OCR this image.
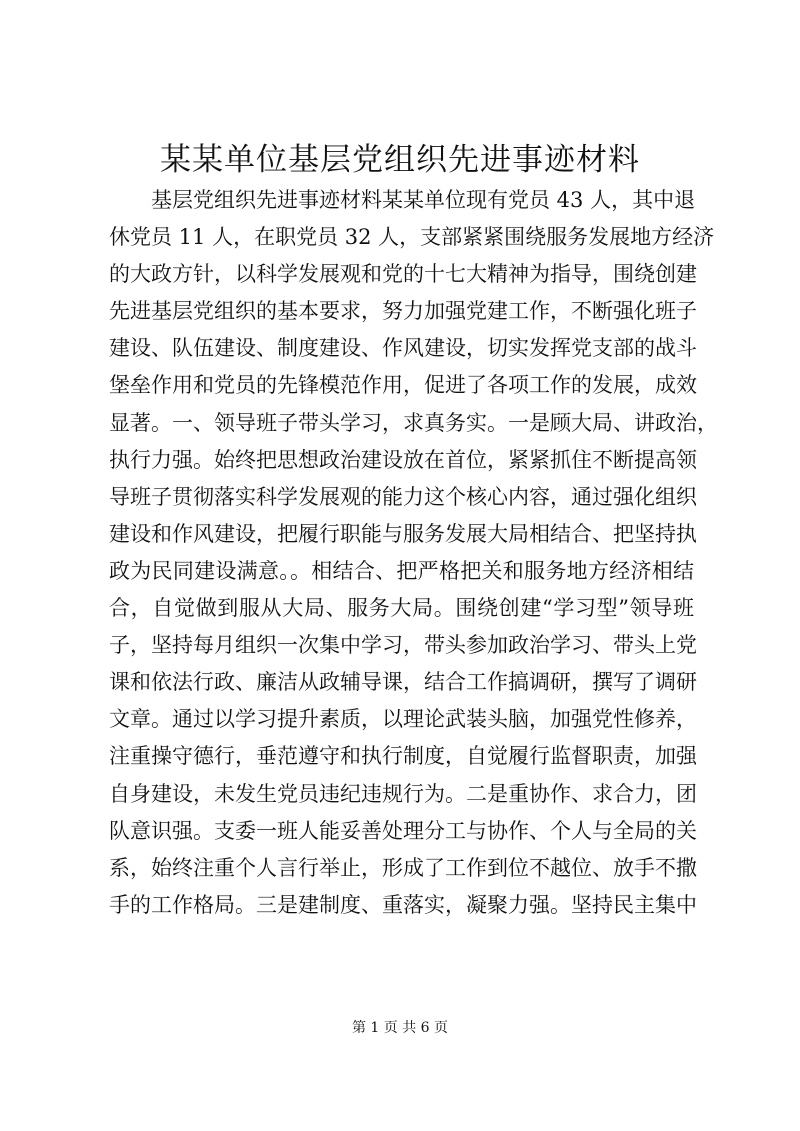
某某单位基层党组织先进事迹材料
　　基层党组织先进事迹材料某某单位现有党员 43 人，其中退
休党员 11 人，在职党员 32 人，支部紧紧围绕服务发展地方经济
的大政方针，以科学发展观和党的十七大精神为指导，围绕创建
先进基层党组织的基本要求，努力加强党建工作，不断强化班子
建设、队伍建设、制度建设、作风建设，切实发挥党支部的战斗
堡垒作用和党员的先锋模范作用，促进了各项工作的发展，成效
显著。一、领导班子带头学习，求真务实。一是顾大局、讲政治，
执行力强。始终把思想政治建设放在首位，紧紧抓住不断提高领
导班子贯彻落实科学发展观的能力这个核心内容，通过强化组织
建设和作风建设，把履行职能与服务发展大局相结合、把坚持执
政为民同建设满意。。相结合、把严格把关和服务地方经济相结
合，自觉做到服从大局、服务大局。围绕创建“学习型”领导班
子，坚持每月组织一次集中学习，带头参加政治学习、带头上党
课和依法行政、廉洁从政辅导课，结合工作搞调研，撰写了调研
文章。通过以学习提升素质，以理论武装头脑，加强党性修养，
注重操守德行，垂范遵守和执行制度，自觉履行监督职责，加强
自身建设，未发生党员违纪违规行为。二是重协作、求合力，团
队意识强。支委一班人能妥善处理分工与协作、个人与全局的关
系，始终注重个人言行举止，形成了工作到位不越位、放手不撒
手的工作格局。三是建制度、重落实，凝聚力强。坚持民主集中
第 1 页 共 6 页
